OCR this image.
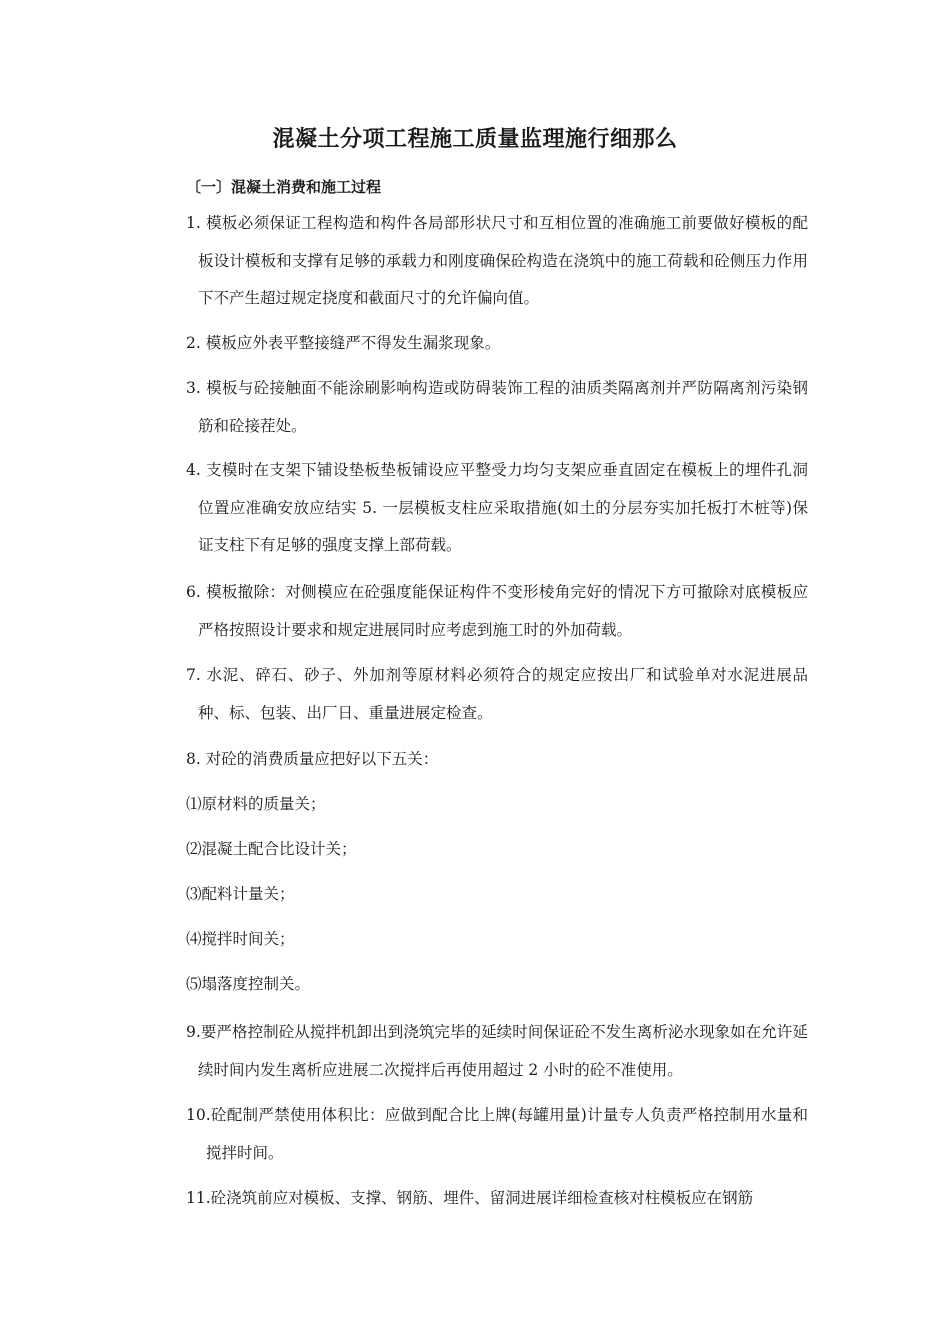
混凝土分项工程施工质量监理施行细那么
〔一〕混凝土消费和施工过程
1. 模板必须保证工程构造和构件各局部形状尺寸和互相位置的准确施工前要做好模板的配板设计模板和支撑有足够的承载力和刚度确保砼构造在浇筑中的施工荷载和砼侧压力作用下不产生超过规定挠度和截面尺寸的允许偏向值。
2. 模板应外表平整接缝严不得发生漏浆现象。
3. 模板与砼接触面不能涂刷影响构造或防碍装饰工程的油质类隔离剂并严防隔离剂污染钢筋和砼接茬处。
4. 支模时在支架下铺设垫板垫板铺设应平整受力均匀支架应垂直固定在模板上的埋件孔洞位置应准确安放应结实 5. 一层模板支柱应采取措施(如土的分层夯实加托板打木桩等)保证支柱下有足够的强度支撑上部荷载。
6. 模板撤除：对侧模应在砼强度能保证构件不变形棱角完好的情况下方可撤除对底模板应严格按照设计要求和规定进展同时应考虑到施工时的外加荷载。
7. 水泥、碎石、砂子、外加剂等原材料必须符合的规定应按出厂和试验单对水泥进展品种、标、包装、出厂日、重量进展定检查。
8. 对砼的消费质量应把好以下五关：
⑴原材料的质量关；
⑵混凝土配合比设计关；
⑶配料计量关；
⑷搅拌时间关；
⑸塌落度控制关。
9.要严格控制砼从搅拌机卸出到浇筑完毕的延续时间保证砼不发生离析泌水现象如在允许延续时间内发生离析应进展二次搅拌后再使用超过 2 小时的砼不准使用。
10.砼配制严禁使用体积比：应做到配合比上牌(每罐用量)计量专人负责严格控制用水量和搅拌时间。
11.砼浇筑前应对模板、支撑、钢筋、埋件、留洞进展详细检查核对柱模板应在钢筋
